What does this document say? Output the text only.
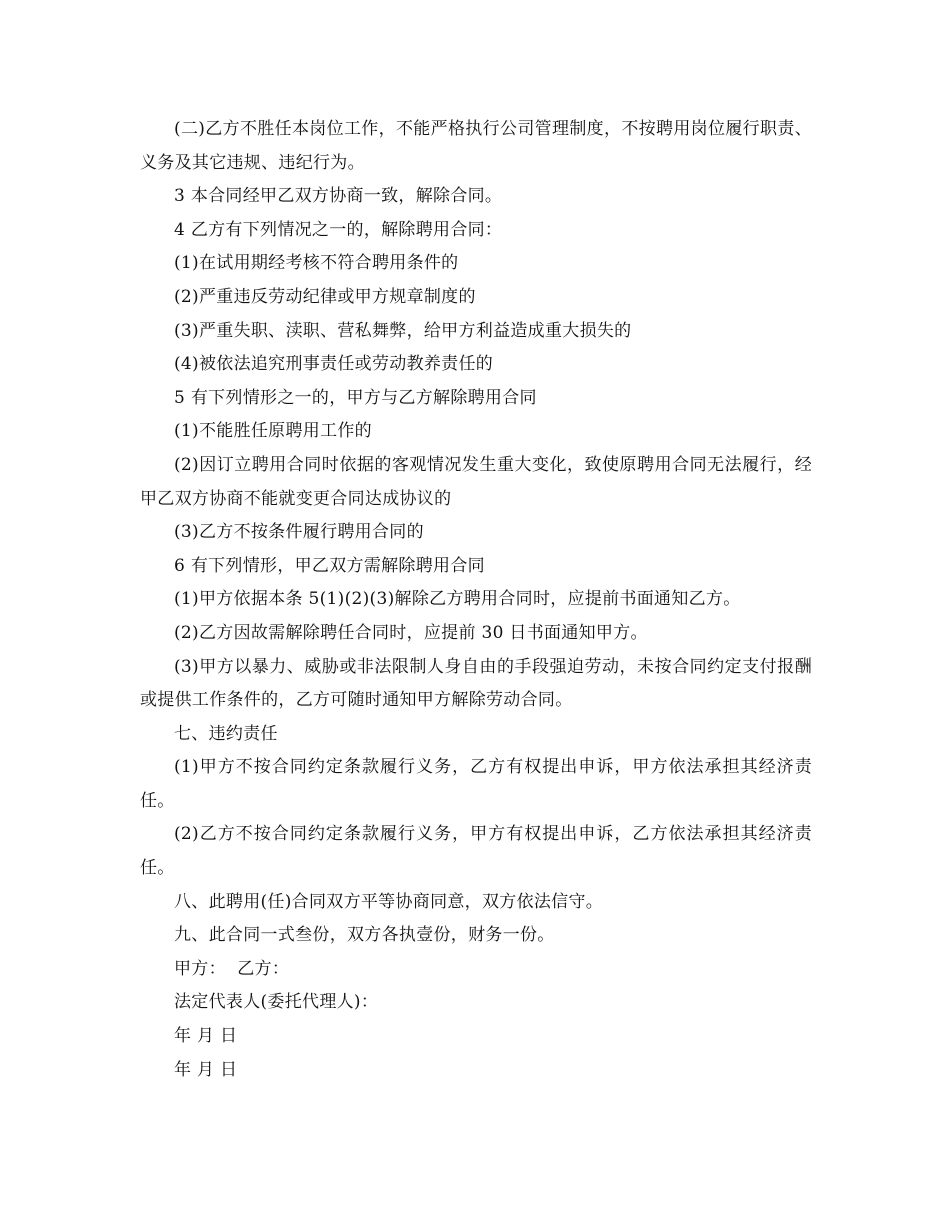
(二)乙方不胜任本岗位工作，不能严格执行公司管理制度，不按聘用岗位履行职责、义务及其它违规、违纪行为。

3 本合同经甲乙双方协商一致，解除合同。

4 乙方有下列情况之一的，解除聘用合同：

(1)在试用期经考核不符合聘用条件的

(2)严重违反劳动纪律或甲方规章制度的

(3)严重失职、渎职、营私舞弊，给甲方利益造成重大损失的

(4)被依法追究刑事责任或劳动教养责任的

5 有下列情形之一的，甲方与乙方解除聘用合同

(1)不能胜任原聘用工作的

(2)因订立聘用合同时依据的客观情况发生重大变化，致使原聘用合同无法履行，经甲乙双方协商不能就变更合同达成协议的

(3)乙方不按条件履行聘用合同的

6 有下列情形，甲乙双方需解除聘用合同

(1)甲方依据本条 5(1)(2)(3)解除乙方聘用合同时，应提前书面通知乙方。

(2)乙方因故需解除聘任合同时，应提前 30 日书面通知甲方。

(3)甲方以暴力、威胁或非法限制人身自由的手段强迫劳动，未按合同约定支付报酬或提供工作条件的，乙方可随时通知甲方解除劳动合同。

七、违约责任

(1)甲方不按合同约定条款履行义务，乙方有权提出申诉，甲方依法承担其经济责任。

(2)乙方不按合同约定条款履行义务，甲方有权提出申诉，乙方依法承担其经济责任。

八、此聘用(任)合同双方平等协商同意，双方依法信守。

九、此合同一式叁份，双方各执壹份，财务一份。

甲方：  乙方：

法定代表人(委托代理人)：

年 月 日

年 月 日
